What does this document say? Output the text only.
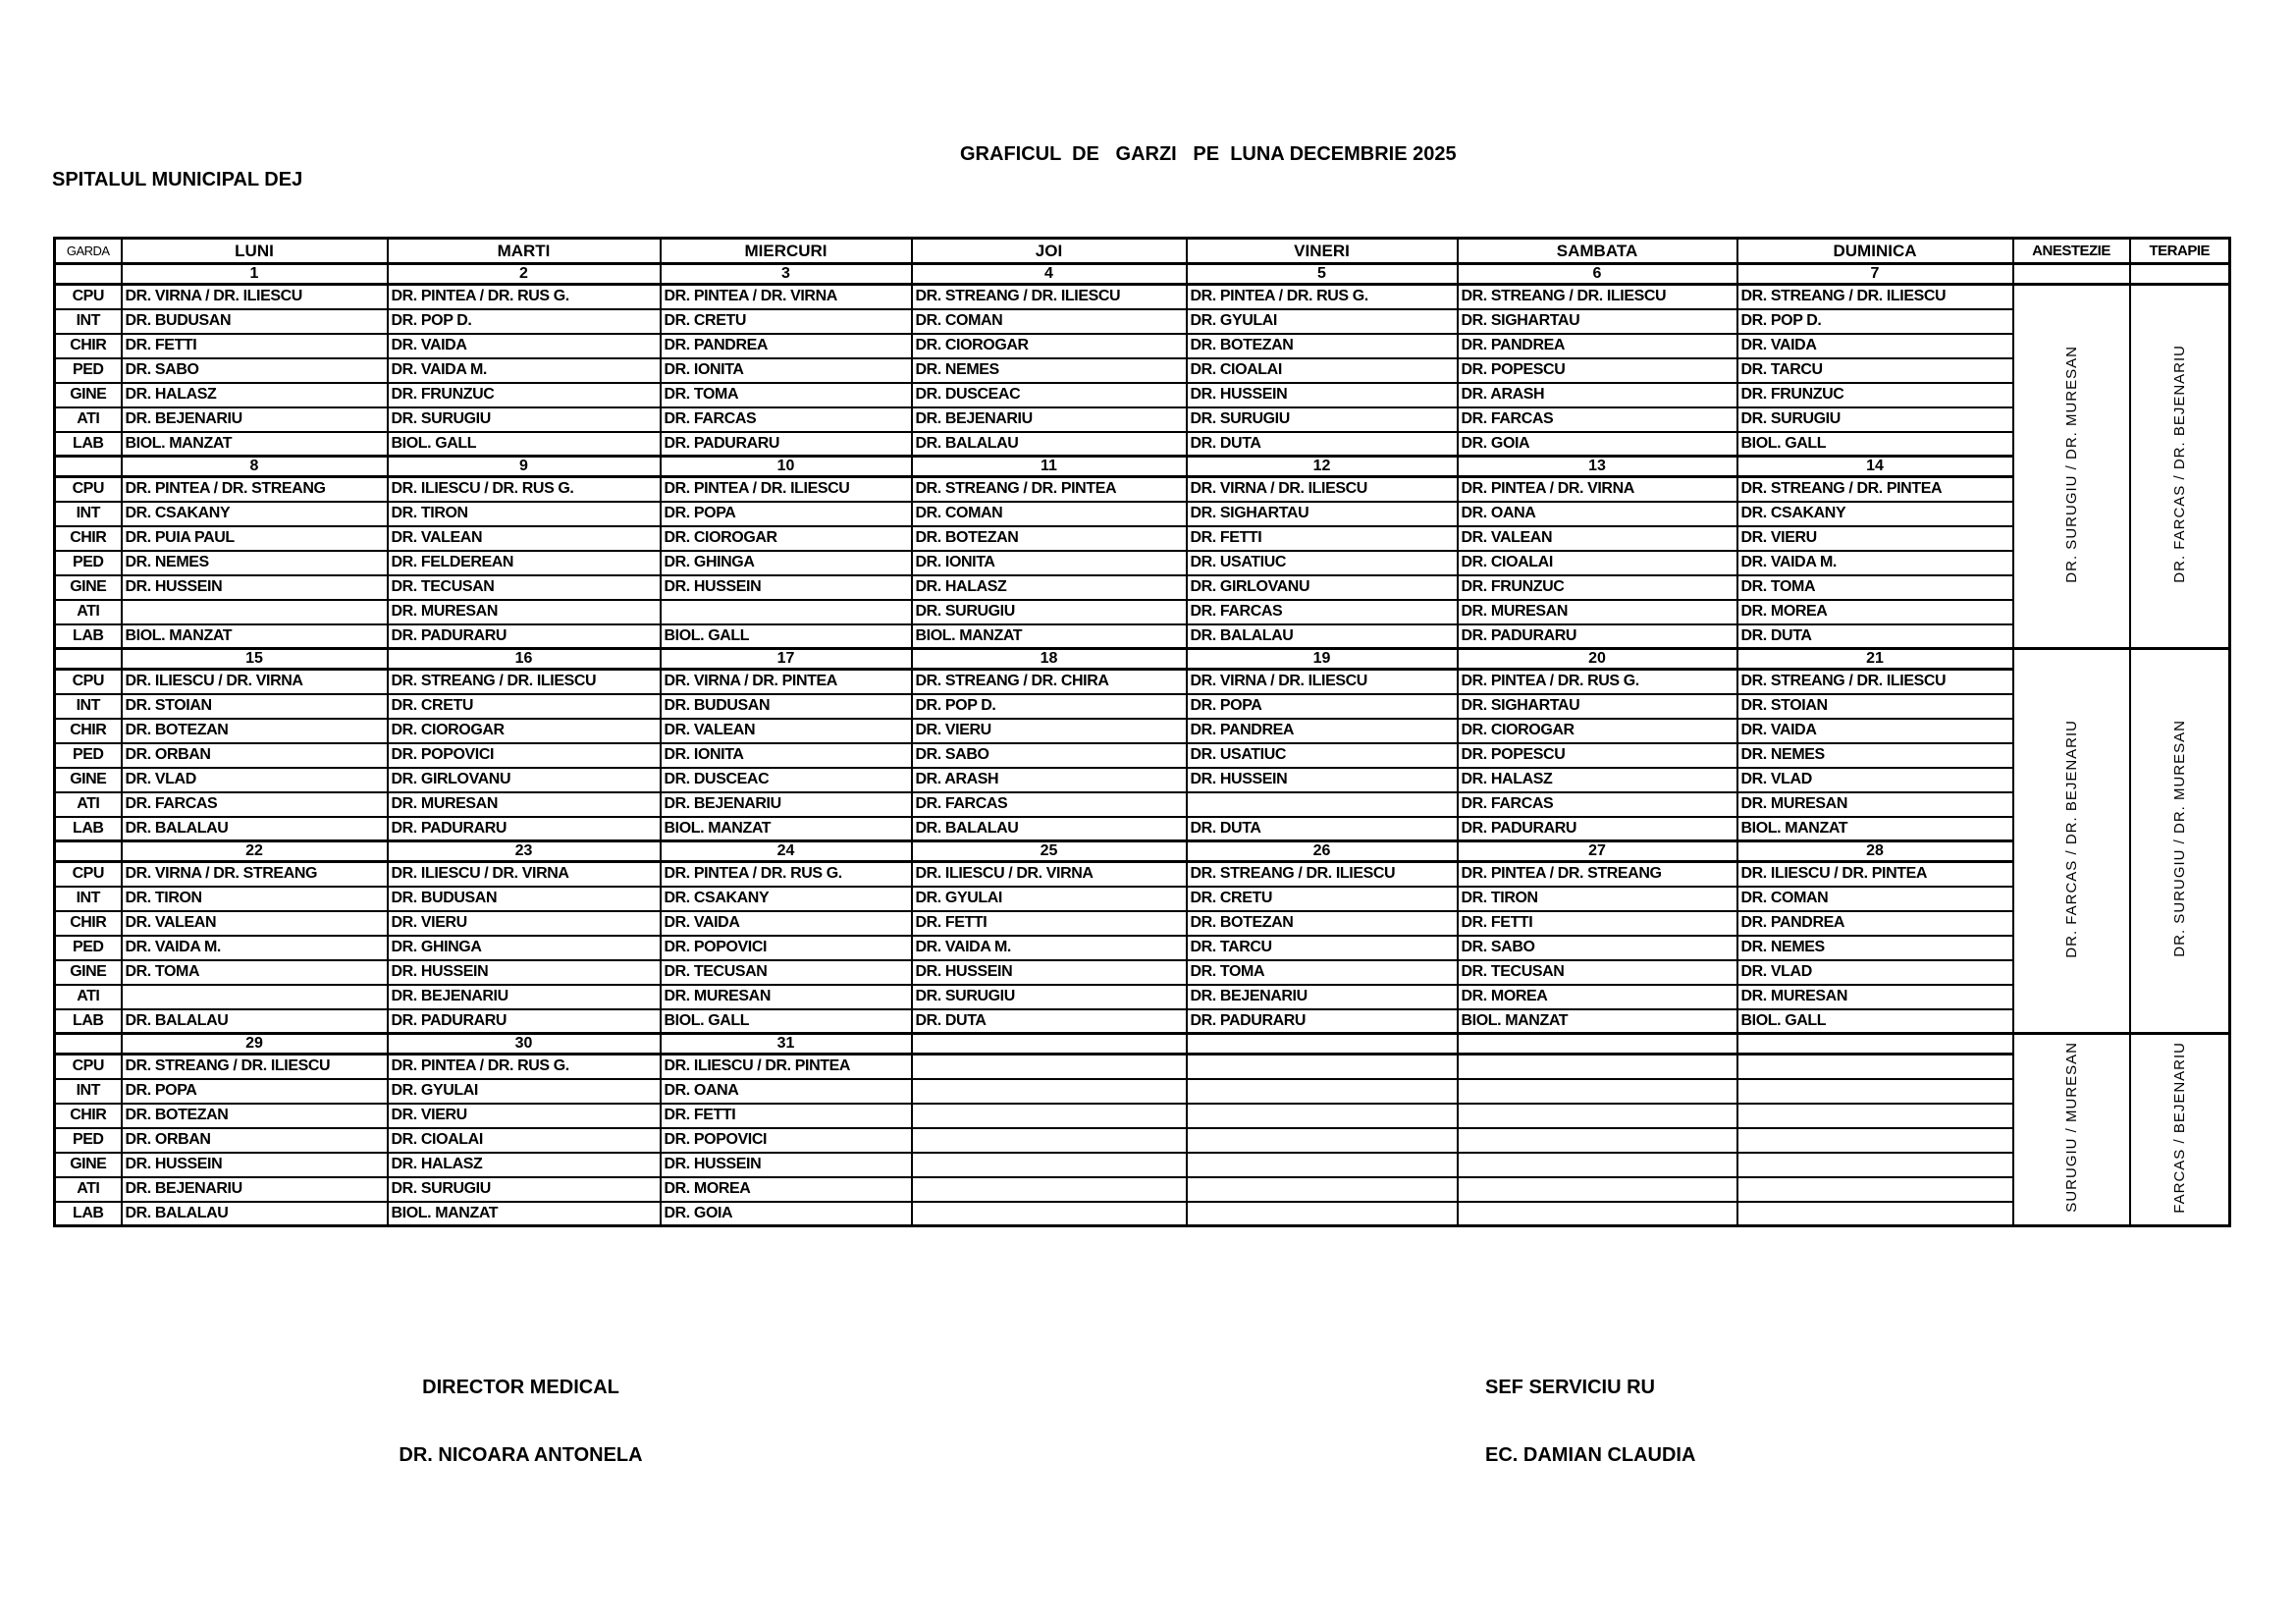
SPITALUL MUNICIPAL DEJ
GRAFICUL  DE   GARZI   PE  LUNA DECEMBRIE 2025
GARDA	LUNI	MARTI	MIERCURI	JOI	VINERI	SAMBATA	DUMINICA	ANESTEZIE	TERAPIE
	1	2	3	4	5	6	7		
CPU	DR. VIRNA / DR. ILIESCU	DR. PINTEA / DR. RUS G.	DR. PINTEA / DR. VIRNA	DR. STREANG / DR. ILIESCU	DR. PINTEA / DR. RUS G.	DR. STREANG / DR. ILIESCU	DR. STREANG / DR. ILIESCU	DR. SURUGIU / DR. MURESAN	DR. FARCAS / DR. BEJENARIU
INT	DR. BUDUSAN	DR. POP D.	DR. CRETU	DR. COMAN	DR. GYULAI	DR. SIGHARTAU	DR. POP D.		
CHIR	DR. FETTI	DR. VAIDA	DR. PANDREA	DR. CIOROGAR	DR. BOTEZAN	DR. PANDREA	DR. VAIDA		
PED	DR. SABO	DR. VAIDA M.	DR. IONITA	DR. NEMES	DR. CIOALAI	DR. POPESCU	DR. TARCU		
GINE	DR. HALASZ	DR. FRUNZUC	DR. TOMA	DR. DUSCEAC	DR. HUSSEIN	DR. ARASH	DR. FRUNZUC		
ATI	DR. BEJENARIU	DR. SURUGIU	DR. FARCAS	DR. BEJENARIU	DR. SURUGIU	DR. FARCAS	DR. SURUGIU		
LAB	BIOL. MANZAT	BIOL. GALL	DR. PADURARU	DR. BALALAU	DR. DUTA	DR. GOIA	BIOL. GALL		
	8	9	10	11	12	13	14		
CPU	DR. PINTEA / DR. STREANG	DR. ILIESCU / DR. RUS G.	DR. PINTEA / DR. ILIESCU	DR. STREANG / DR. PINTEA	DR. VIRNA / DR. ILIESCU	DR. PINTEA / DR. VIRNA	DR. STREANG / DR. PINTEA		
INT	DR. CSAKANY	DR. TIRON	DR. POPA	DR. COMAN	DR. SIGHARTAU	DR. OANA	DR. CSAKANY		
CHIR	DR. PUIA PAUL	DR. VALEAN	DR. CIOROGAR	DR. BOTEZAN	DR. FETTI	DR. VALEAN	DR. VIERU		
PED	DR. NEMES	DR. FELDEREAN	DR. GHINGA	DR. IONITA	DR. USATIUC	DR. CIOALAI	DR. VAIDA M.		
GINE	DR. HUSSEIN	DR. TECUSAN	DR. HUSSEIN	DR. HALASZ	DR. GIRLOVANU	DR. FRUNZUC	DR. TOMA		
ATI		DR. MURESAN		DR. SURUGIU	DR. FARCAS	DR. MURESAN	DR. MOREA		
LAB	BIOL. MANZAT	DR. PADURARU	BIOL. GALL	BIOL. MANZAT	DR. BALALAU	DR. PADURARU	DR. DUTA		
	15	16	17	18	19	20	21	DR. FARCAS / DR. BEJENARIU	DR. SURUGIU / DR. MURESAN
CPU	DR. ILIESCU / DR. VIRNA	DR. STREANG / DR. ILIESCU	DR. VIRNA / DR. PINTEA	DR. STREANG / DR. CHIRA	DR. VIRNA / DR. ILIESCU	DR. PINTEA / DR. RUS G.	DR. STREANG / DR. ILIESCU		
INT	DR. STOIAN	DR. CRETU	DR. BUDUSAN	DR. POP D.	DR. POPA	DR. SIGHARTAU	DR. STOIAN		
CHIR	DR. BOTEZAN	DR. CIOROGAR	DR. VALEAN	DR. VIERU	DR. PANDREA	DR. CIOROGAR	DR. VAIDA		
PED	DR. ORBAN	DR. POPOVICI	DR. IONITA	DR. SABO	DR. USATIUC	DR. POPESCU	DR. NEMES		
GINE	DR. VLAD	DR. GIRLOVANU	DR. DUSCEAC	DR. ARASH	DR. HUSSEIN	DR. HALASZ	DR. VLAD		
ATI	DR. FARCAS	DR. MURESAN	DR. BEJENARIU	DR. FARCAS		DR. FARCAS	DR. MURESAN		
LAB	DR. BALALAU	DR. PADURARU	BIOL. MANZAT	DR. BALALAU	DR. DUTA	DR. PADURARU	BIOL. MANZAT		
	22	23	24	25	26	27	28		
CPU	DR. VIRNA / DR. STREANG	DR. ILIESCU / DR. VIRNA	DR. PINTEA / DR. RUS G.	DR. ILIESCU / DR. VIRNA	DR. STREANG / DR. ILIESCU	DR. PINTEA / DR. STREANG	DR. ILIESCU / DR. PINTEA		
INT	DR. TIRON	DR. BUDUSAN	DR. CSAKANY	DR. GYULAI	DR. CRETU	DR. TIRON	DR. COMAN		
CHIR	DR. VALEAN	DR. VIERU	DR. VAIDA	DR. FETTI	DR. BOTEZAN	DR. FETTI	DR. PANDREA		
PED	DR. VAIDA M.	DR. GHINGA	DR. POPOVICI	DR. VAIDA M.	DR. TARCU	DR. SABO	DR. NEMES		
GINE	DR. TOMA	DR. HUSSEIN	DR. TECUSAN	DR. HUSSEIN	DR. TOMA	DR. TECUSAN	DR. VLAD		
ATI		DR. BEJENARIU	DR. MURESAN	DR. SURUGIU	DR. BEJENARIU	DR. MOREA	DR. MURESAN		
LAB	DR. BALALAU	DR. PADURARU	BIOL. GALL	DR. DUTA	DR. PADURARU	BIOL. MANZAT	BIOL. GALL		
	29	30	31					SURUGIU / MURESAN	FARCAS / BEJENARIU
CPU	DR. STREANG / DR. ILIESCU	DR. PINTEA / DR. RUS G.	DR. ILIESCU / DR. PINTEA						
INT	DR. POPA	DR. GYULAI	DR. OANA						
CHIR	DR. BOTEZAN	DR. VIERU	DR. FETTI						
PED	DR. ORBAN	DR. CIOALAI	DR. POPOVICI						
GINE	DR. HUSSEIN	DR. HALASZ	DR. HUSSEIN						
ATI	DR. BEJENARIU	DR. SURUGIU	DR. MOREA						
LAB	DR. BALALAU	BIOL. MANZAT	DR. GOIA						

DIRECTOR MEDICAL

DR. NICOARA ANTONELA

SEF SERVICIU RU

EC. DAMIAN CLAUDIA
